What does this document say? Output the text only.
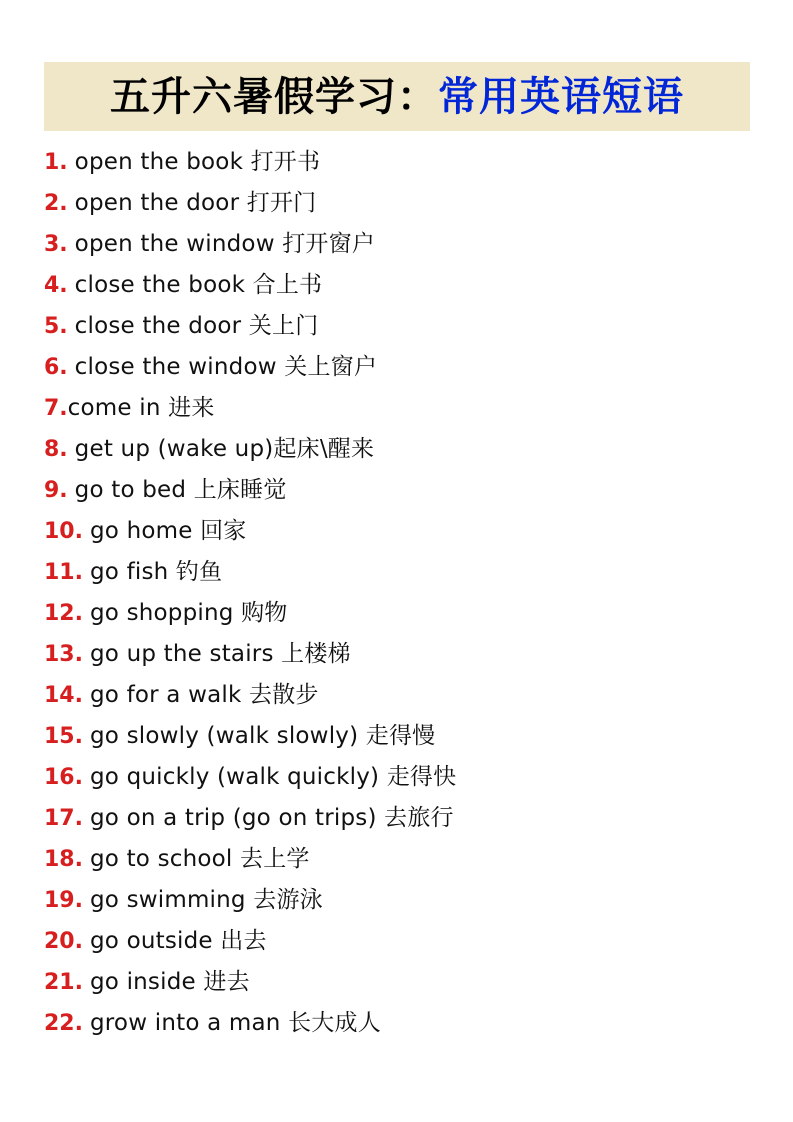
五升六暑假学习：常用英语短语
1. open the book 打开书
2. open the door 打开门
3. open the window 打开窗户
4. close the book 合上书
5. close the door 关上门
6. close the window 关上窗户
7. come in 进来
8. get up (wake up)起床\醒来
9. go to bed 上床睡觉
10. go home 回家
11. go fish 钓鱼
12. go shopping 购物
13. go up the stairs 上楼梯
14. go for a walk 去散步
15. go slowly (walk slowly) 走得慢
16. go quickly (walk quickly) 走得快
17. go on a trip (go on trips) 去旅行
18. go to school 去上学
19. go swimming 去游泳
20. go outside 出去
21. go inside 进去
22. grow into a man 长大成人
